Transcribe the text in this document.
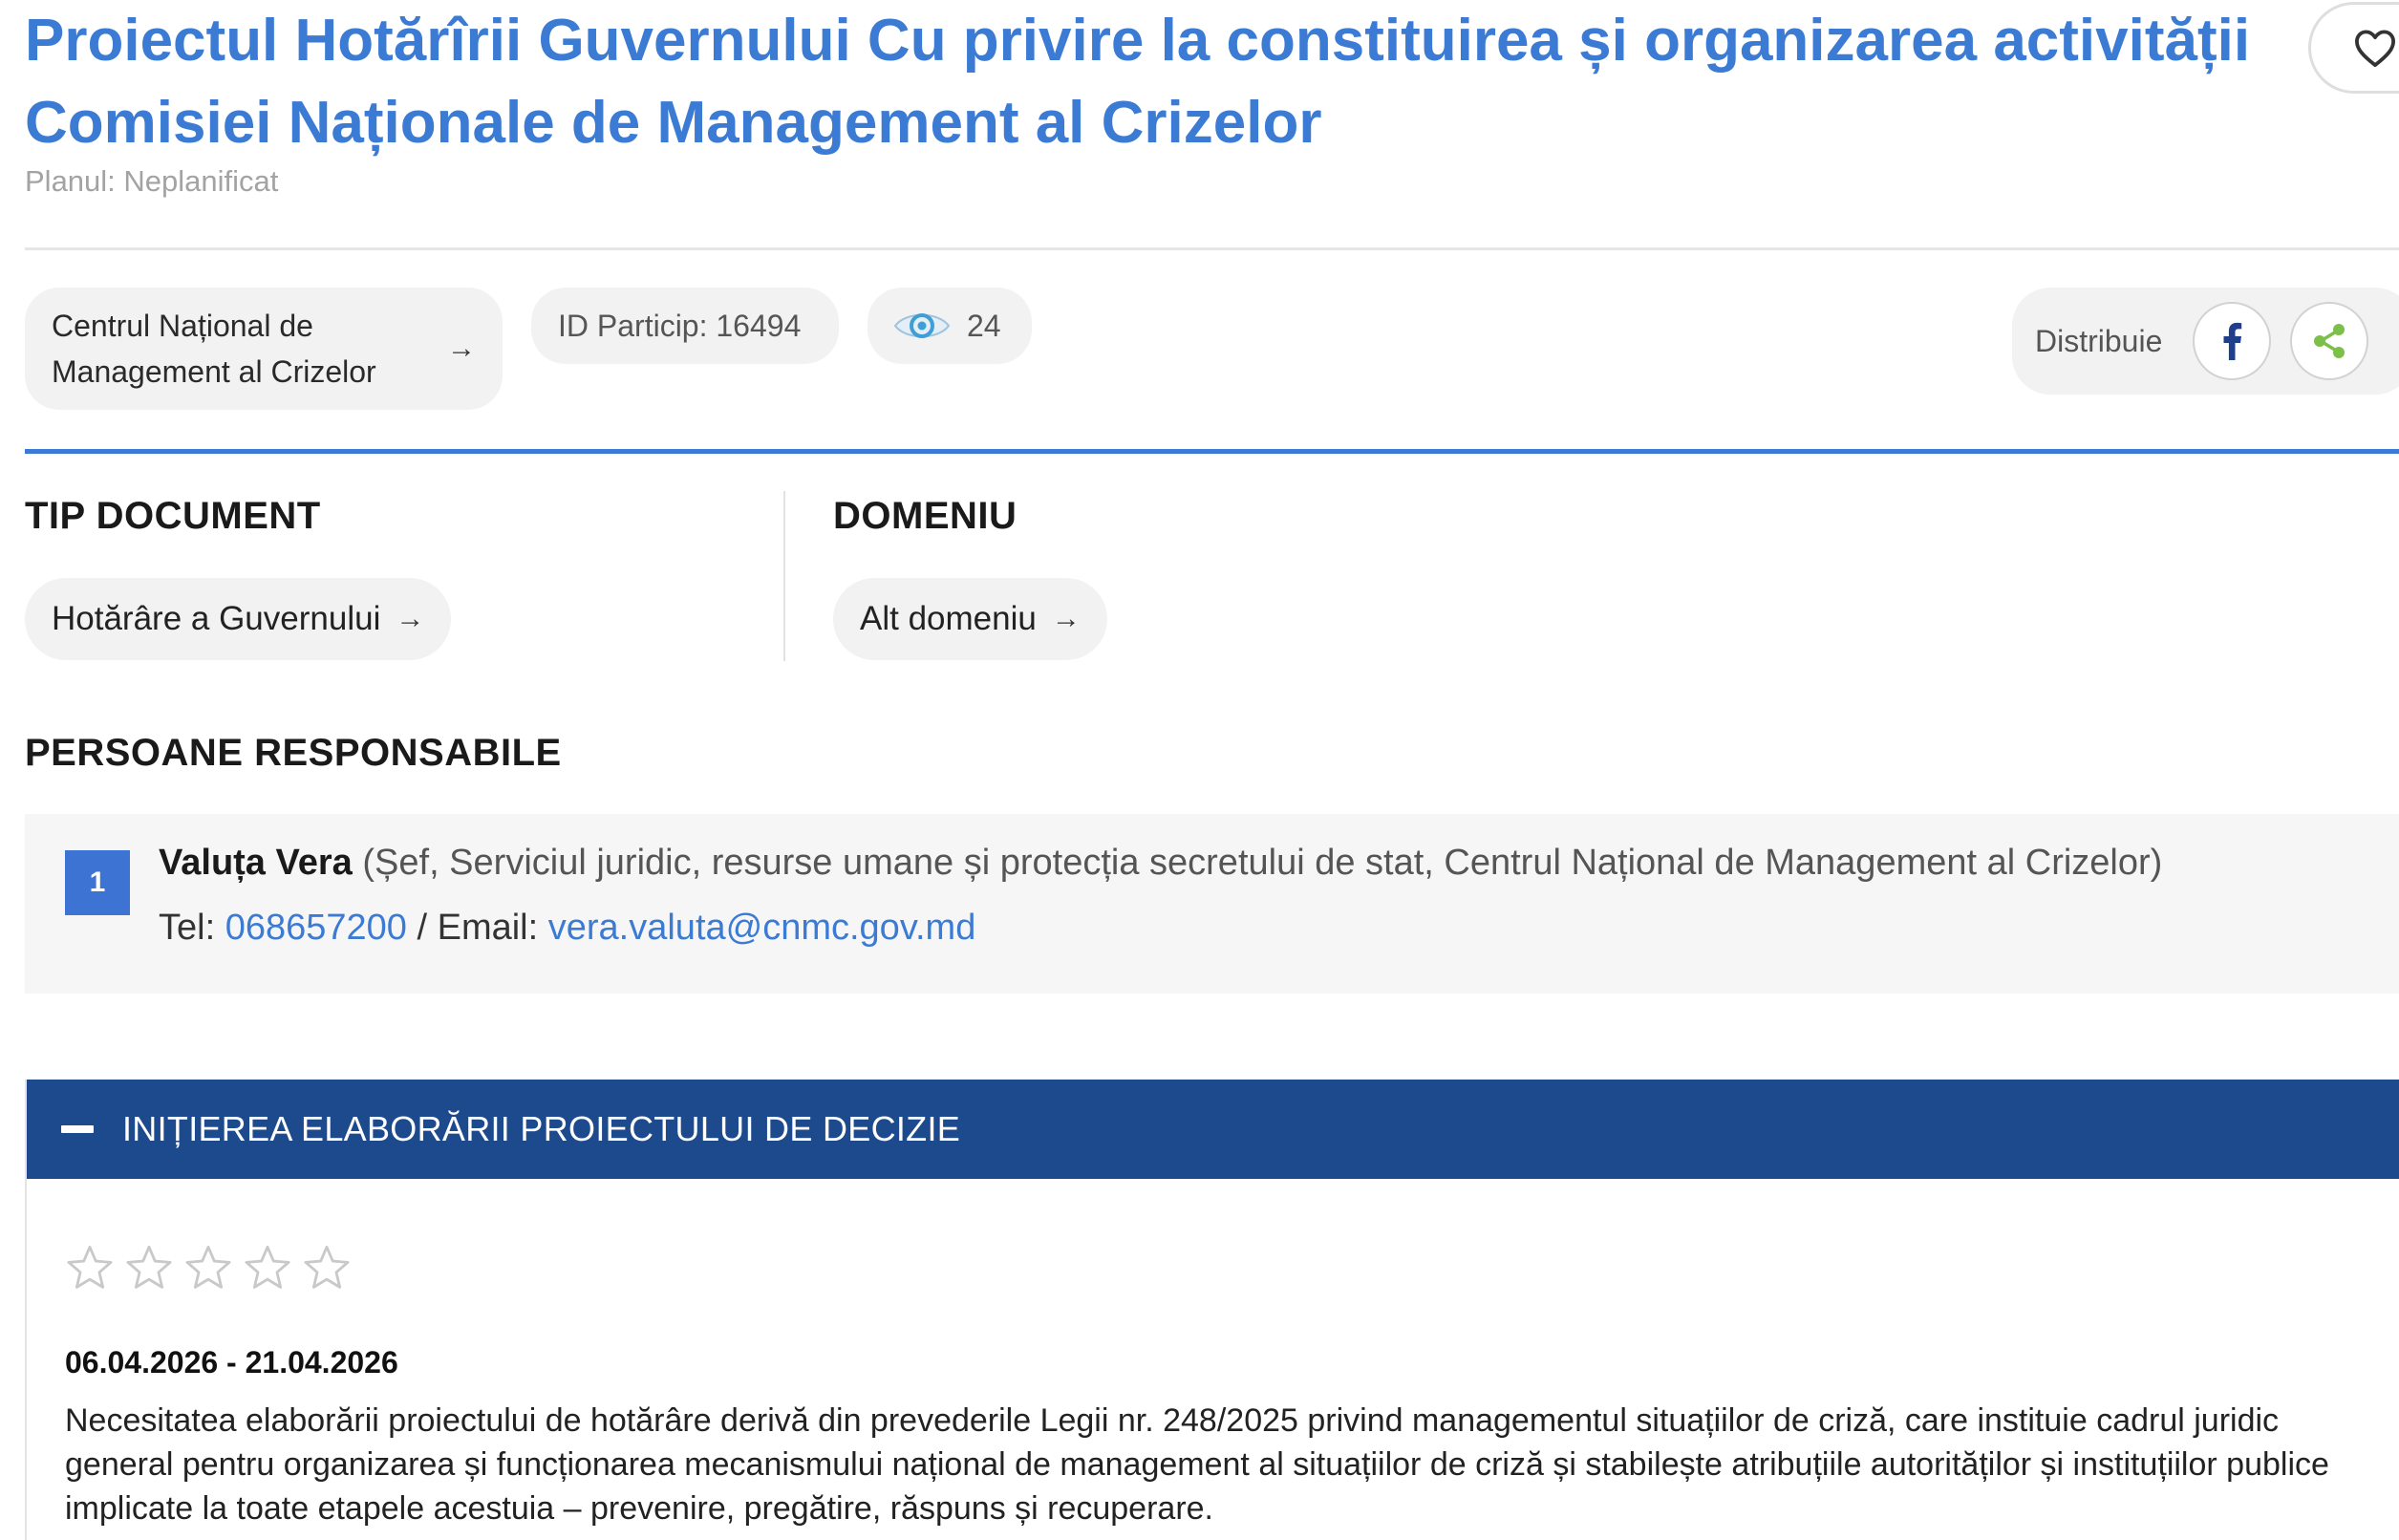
Proiectul Hotărîrii Guvernului Cu privire la constituirea și organizarea activității Comisiei Naționale de Management al Crizelor
Planul: Neplanificat
Centrul Național de Management al Crizelor
→
ID Particip: 16494	24	Distribuie
TIP DOCUMENT
Hotărâre a Guvernului →
DOMENIU
Alt domeniu →
PERSOANE RESPONSABILE
1	Valuța Vera (Șef, Serviciul juridic, resurse umane și protecția secretului de stat, Centrul Național de Management al Crizelor)
Tel: 068657200 / Email: vera.valuta@cnmc.gov.md
INIȚIEREA ELABORĂRII PROIECTULUI DE DECIZIE
06.04.2026 - 21.04.2026
Necesitatea elaborării proiectului de hotărâre derivă din prevederile Legii nr. 248/2025 privind managementul situațiilor de criză, care instituie cadrul juridic general pentru organizarea și funcționarea mecanismului național de management al situațiilor de criză și stabilește atribuțiile autorităților și instituțiilor publice implicate la toate etapele acestuia – prevenire, pregătire, răspuns și recuperare.
